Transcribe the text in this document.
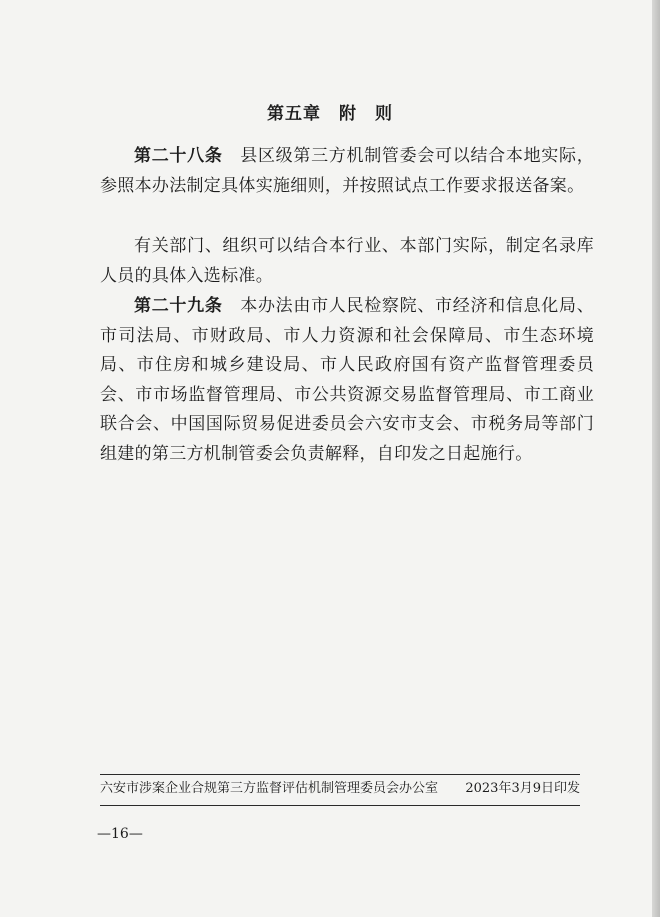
第五章　附　则

第二十八条　 县区级第三方机制管委会可以结合本地实际，参照本办法制定具体实施细则，并按照试点工作要求报送备案。

有关部门、组织可以结合本行业、本部门实际，制定名录库人员的具体入选标准。

第二十九条　 本办法由市人民检察院、市经济和信息化局、市司法局、市财政局、市人力资源和社会保障局、市生态环境局、市住房和城乡建设局、市人民政府国有资产监督管理委员会、市市场监督管理局、市公共资源交易监督管理局、市工商业联合会、中国国际贸易促进委员会六安市支会、市税务局等部门组建的第三方机制管委会负责解释，自印发之日起施行。

六安市涉案企业合规第三方监督评估机制管理委员会办公室 2023年3月9日印发
—16—
